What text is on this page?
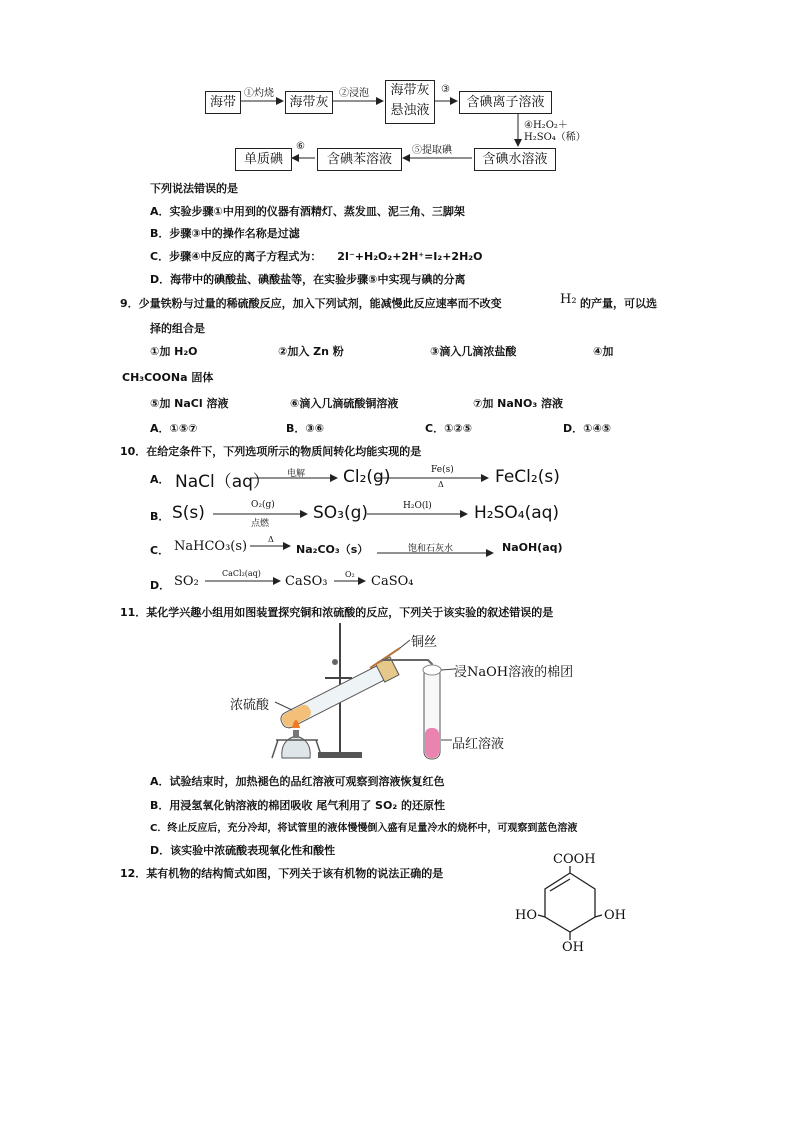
海带
①灼烧
海带灰
②浸泡	海带灰
悬浊液
③
含碘离子溶液
④H₂O₂＋
H₂SO₄（稀）
含碘水溶液
⑤提取碘
含碘苯溶液
⑥
单质碘
下列说法错误的是
A．实验步骤①中用到的仪器有酒精灯、蒸发皿、泥三角、三脚架
B．步骤③中的操作名称是过滤
C．步骤④中反应的离子方程式为： 2I⁻+H₂O₂+2H⁺=I₂+2H₂O
D．海带中的碘酸盐、碘酸盐等，在实验步骤⑤中实现与碘的分离
9．少量铁粉与过量的稀硫酸反应，加入下列试剂，能减慢此反应速率而不改变	H₂ 的产量，可以选
择的组合是
①加 H₂O	②加入 Zn 粉	③滴入几滴浓盐酸	④加
CH₃COONa 固体
⑤加 NaCl 溶液	⑥滴入几滴硫酸铜溶液	⑦加 NaNO₃ 溶液
A．①⑤⑦	B．③⑥	C．①②⑤	D．①④⑤
10．在给定条件下，下列选项所示的物质间转化均能实现的是
A． NaCl（aq） 电解 Cl₂(g)	Fe(s)
Δ	FeCl₂(s)
B． S(s)	O₂(g)
点燃
SO₃(g)	H₂O(l) H₂SO₄(aq)
C． NaHCO₃(s)	Δ
Na₂CO₃（s）	饱和石灰水	NaOH(aq)
D． SO₂
CaCl₂(aq)
CaSO₃ O₂ CaSO₄
11．某化学兴趣小组用如图装置探究铜和浓硫酸的反应，下列关于该实验的叙述错误的是
铜丝
浸NaOH溶液的棉团
浓硫酸
品红溶液
A．试验结束时，加热褪色的品红溶液可观察到溶液恢复红色
B．用浸氢氧化钠溶液的棉团吸收 尾气利用了 SO₂ 的还原性
C．终止反应后，充分冷却，将试管里的液体慢慢倒入盛有足量冷水的烧杯中，可观察到蓝色溶液
D．该实验中浓硫酸表现氧化性和酸性
12．某有机物的结构简式如图，下列关于该有机物的说法正确的是
COOH
HO	OH
OH
